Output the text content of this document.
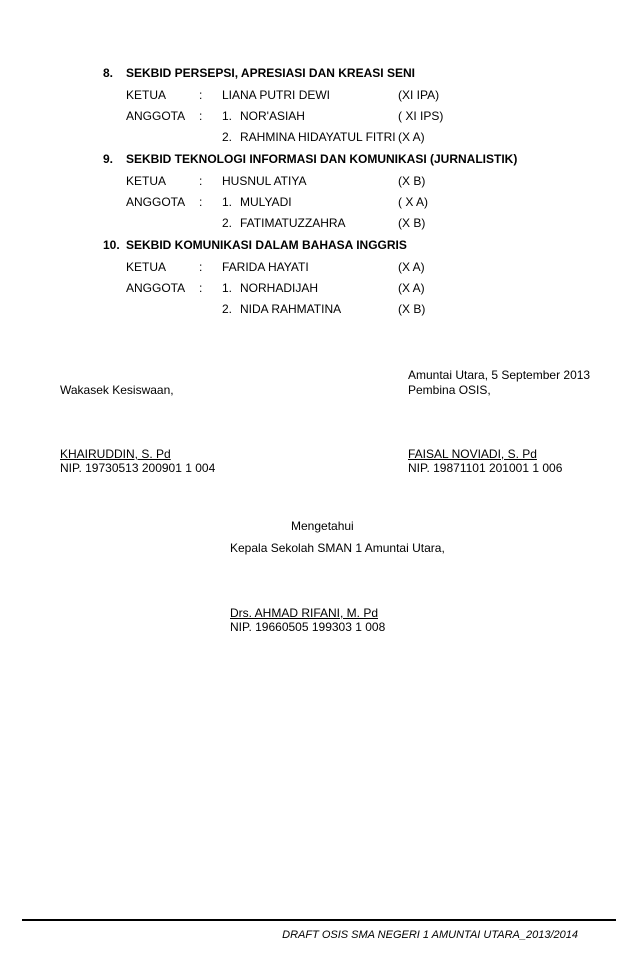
8. SEKBID PERSEPSI, APRESIASI DAN KREASI SENI
KETUA	: LIANA PUTRI DEWI	(XI IPA)
ANGGOTA : 1. NOR'ASIAH	( XI IPS)
2. RAHMINA HIDAYATUL FITRI (X A)
9. SEKBID TEKNOLOGI INFORMASI DAN KOMUNIKASI (JURNALISTIK)
KETUA	: HUSNUL ATIYA	(X B)
ANGGOTA : 1. MULYADI	( X A)
2. FATIMATUZZAHRA	(X B)
10. SEKBID KOMUNIKASI DALAM BAHASA INGGRIS
KETUA	: FARIDA HAYATI	(X A)
ANGGOTA : 1. NORHADIJAH	(X A)
2. NIDA RAHMATINA	(X B)
Amuntai Utara, 5 September 2013
Wakasek Kesiswaan,	Pembina OSIS,
KHAIRUDDIN, S. Pd
NIP. 19730513 200901 1 004
FAISAL NOVIADI, S. Pd
NIP. 19871101 201001 1 006
Mengetahui
Kepala Sekolah SMAN 1 Amuntai Utara,
Drs. AHMAD RIFANI, M. Pd
NIP. 19660505 199303 1 008
DRAFT OSIS SMA NEGERI 1 AMUNTAI UTARA_2013/2014
